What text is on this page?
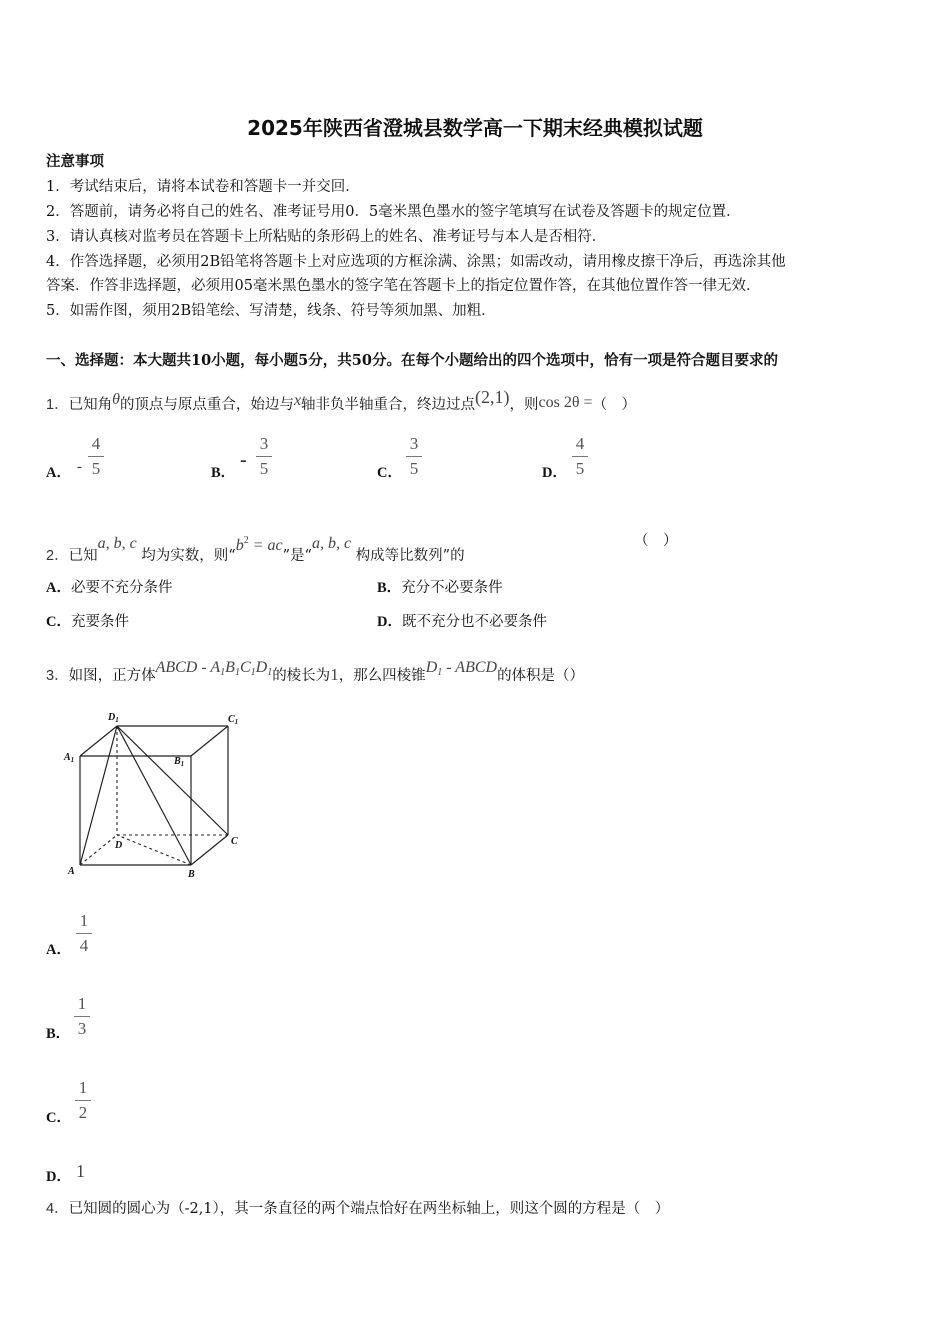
2025年陕西省澄城县数学高一下期末经典模拟试题
注意事项
1．考试结束后，请将本试卷和答题卡一并交回．
2．答题前，请务必将自己的姓名、准考证号用0．5毫米黑色墨水的签字笔填写在试卷及答题卡的规定位置．
3．请认真核对监考员在答题卡上所粘贴的条形码上的姓名、准考证号与本人是否相符．
4．作答选择题，必须用2B铅笔将答题卡上对应选项的方框涂满、涂黑；如需改动，请用橡皮擦干净后，再选涂其他
答案．作答非选择题，必须用05毫米黑色墨水的签字笔在答题卡上的指定位置作答，在其他位置作答一律无效．
5．如需作图，须用2B铅笔绘、写清楚，线条、符号等须加黑、加粗．
一、选择题：本大题共10小题，每小题5分，共50分。在每个小题给出的四个选项中，恰有一项是符合题目要求的
1．已知角θ的顶点与原点重合，始边与x轴非负半轴重合，终边过点(2,1)，则cos 2θ =（　）
A． -
4
5	B．
-
3
5	C．
3
5	D．
4
5
2．已知a, b, c 均为实数，则“$b^2$ = ac”是“a, b, c 构成等比数列”的
（　）
A．必要不充分条件	B．充分不必要条件
C．充要条件	D．既不充分也不必要条件
3．如图，正方体ABCD - $A_1B_1C_1D_1$的棱长为1，那么四棱锥$D_1$ - ABCD的体积是（）
$D_1$	$C_1$
$A_1$	$B_1$
D	C
A	B
A．
1
4
B．
1
3
C．
1
2
D． 1
4．已知圆的圆心为（-2,1），其一条直径的两个端点恰好在两坐标轴上，则这个圆的方程是（　）
